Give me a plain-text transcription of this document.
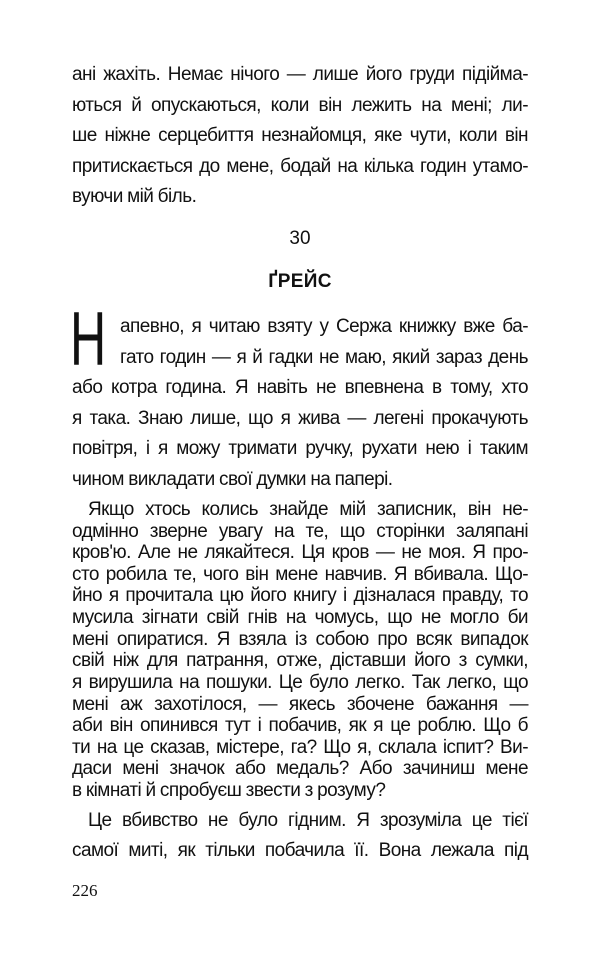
ані жахіть. Немає нічого — лише його груди підійма-
ються й опускаються, коли він лежить на мені; ли-
ше ніжне серцебиття незнайомця, яке чути, коли він
притискається до мене, бодай на кілька годин утамо-
вуючи мій біль.
30
ҐРЕЙС
Н апевно, я читаю взяту у Сержа книжку вже ба-
гато годин — я й гадки не маю, який зараз день
або котра година. Я навіть не впевнена в тому, хто
я така. Знаю лише, що я жива — легені прокачують
повітря, і я можу тримати ручку, рухати нею і таким
чином викладати свої думки на папері.
Якщо хтось колись знайде мій записник, він не-
одмінно зверне увагу на те, що сторінки заляпані
кров'ю. Але не лякайтеся. Ця кров — не моя. Я про-
сто робила те, чого він мене навчив. Я вбивала. Що-
йно я прочитала цю його книгу і дізналася правду, то
мусила зігнати свій гнів на чомусь, що не могло би
мені опиратися. Я взяла із собою про всяк випадок
свій ніж для патрання, отже, діставши його з сумки,
я вирушила на пошуки. Це було легко. Так легко, що
мені аж захотілося, — якесь збочене бажання —
аби він опинився тут і побачив, як я це роблю. Що б
ти на це сказав, містере, га? Що я, склала іспит? Ви-
даси мені значок або медаль? Або зачиниш мене
в кімнаті й спробуєш звести з розуму?
Це вбивство не було гідним. Я зрозуміла це тієї
самої миті, як тільки побачила її. Вона лежала під
226
